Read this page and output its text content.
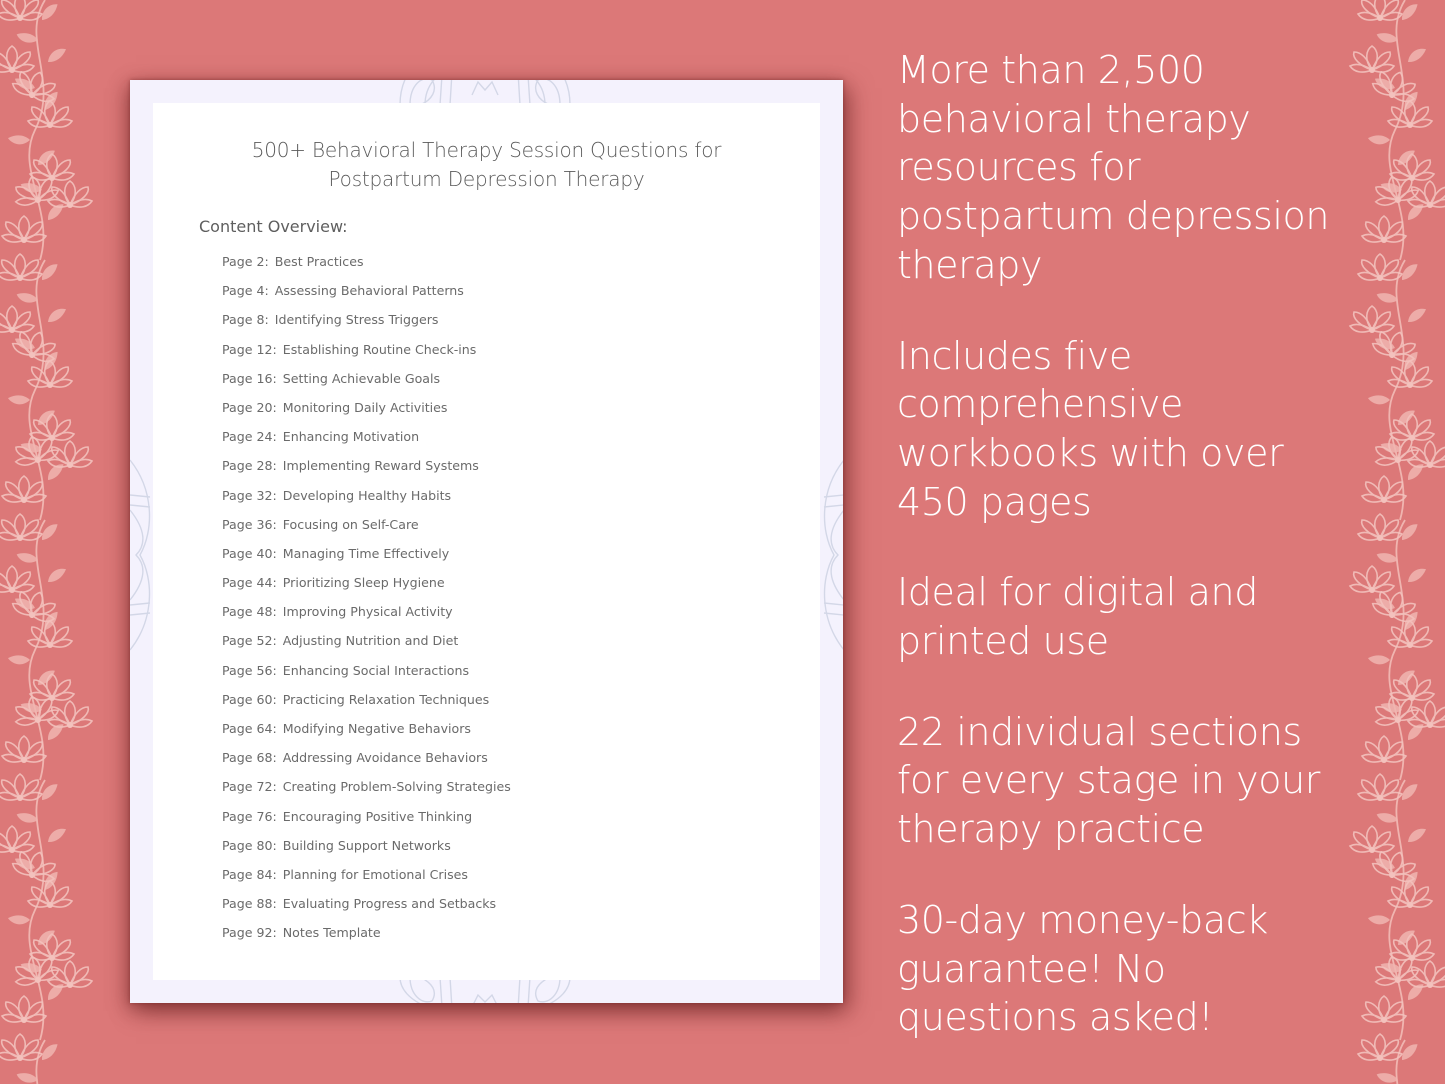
500+ Behavioral Therapy Session Questions for
Postpartum Depression Therapy
Content Overview:
Page 2: Best Practices
Page 4: Assessing Behavioral Patterns
Page 8: Identifying Stress Triggers
Page 12: Establishing Routine Check-ins
Page 16: Setting Achievable Goals
Page 20: Monitoring Daily Activities
Page 24: Enhancing Motivation
Page 28: Implementing Reward Systems
Page 32: Developing Healthy Habits
Page 36: Focusing on Self-Care
Page 40: Managing Time Effectively
Page 44: Prioritizing Sleep Hygiene
Page 48: Improving Physical Activity
Page 52: Adjusting Nutrition and Diet
Page 56: Enhancing Social Interactions
Page 60: Practicing Relaxation Techniques
Page 64: Modifying Negative Behaviors
Page 68: Addressing Avoidance Behaviors
Page 72: Creating Problem-Solving Strategies
Page 76: Encouraging Positive Thinking
Page 80: Building Support Networks
Page 84: Planning for Emotional Crises
Page 88: Evaluating Progress and Setbacks
Page 92: Notes Template

More than 2,500
behavioral therapy
resources for
postpartum depression
therapy

Includes five
comprehensive
workbooks with over
450 pages

Ideal for digital and
printed use

22 individual sections
for every stage in your
therapy practice

30-day money-back
guarantee! No
questions asked!
